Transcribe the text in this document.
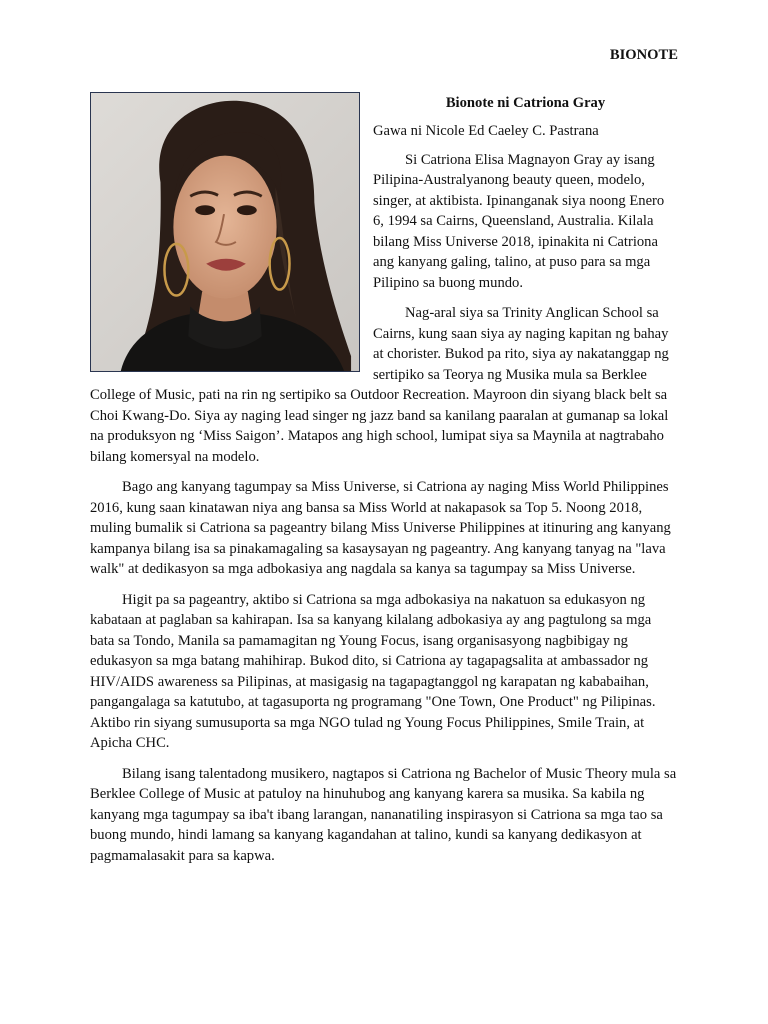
BIONOTE
Bionote ni Catriona Gray
Gawa ni Nicole Ed Caeley C. Pastrana

Si Catriona Elisa Magnayon Gray ay isang Pilipina-Australyanong beauty queen, modelo, singer, at aktibista. Ipinanganak siya noong Enero 6, 1994 sa Cairns, Queensland, Australia. Kilala bilang Miss Universe 2018, ipinakita ni Catriona ang kanyang galing, talino, at puso para sa mga Pilipino sa buong mundo.

Nag-aral siya sa Trinity Anglican School sa Cairns, kung saan siya ay naging kapitan ng bahay at chorister. Bukod pa rito, siya ay nakatanggap ng sertipiko sa Teorya ng Musika mula sa Berklee College of Music, pati na rin ng sertipiko sa Outdoor Recreation. Mayroon din siyang black belt sa Choi Kwang-Do. Siya ay naging lead singer ng jazz band sa kanilang paaralan at gumanap sa lokal na produksyon ng ‘Miss Saigon’. Matapos ang high school, lumipat siya sa Maynila at nagtrabaho bilang komersyal na modelo.

Bago ang kanyang tagumpay sa Miss Universe, si Catriona ay naging Miss World Philippines 2016, kung saan kinatawan niya ang bansa sa Miss World at nakapasok sa Top 5. Noong 2018, muling bumalik si Catriona sa pageantry bilang Miss Universe Philippines at itinuring ang kanyang kampanya bilang isa sa pinakamagaling sa kasaysayan ng pageantry. Ang kanyang tanyag na "lava walk" at dedikasyon sa mga adbokasiya ang nagdala sa kanya sa tagumpay sa Miss Universe.

Higit pa sa pageantry, aktibo si Catriona sa mga adbokasiya na nakatuon sa edukasyon ng kabataan at paglaban sa kahirapan. Isa sa kanyang kilalang adbokasiya ay ang pagtulong sa mga bata sa Tondo, Manila sa pamamagitan ng Young Focus, isang organisasyong nagbibigay ng edukasyon sa mga batang mahihirap. Bukod dito, si Catriona ay tagapagsalita at ambassador ng HIV/AIDS awareness sa Pilipinas, at masigasig na tagapagtanggol ng karapatan ng kababaihan, pangangalaga sa katutubo, at tagasuporta ng programang "One Town, One Product" ng Pilipinas. Aktibo rin siyang sumusuporta sa mga NGO tulad ng Young Focus Philippines, Smile Train, at Apicha CHC.

Bilang isang talentadong musikero, nagtapos si Catriona ng Bachelor of Music Theory mula sa Berklee College of Music at patuloy na hinuhubog ang kanyang karera sa musika. Sa kabila ng kanyang mga tagumpay sa iba't ibang larangan, nananatiling inspirasyon si Catriona sa mga tao sa buong mundo, hindi lamang sa kanyang kagandahan at talino, kundi sa kanyang dedikasyon at pagmamalasakit para sa kapwa.
